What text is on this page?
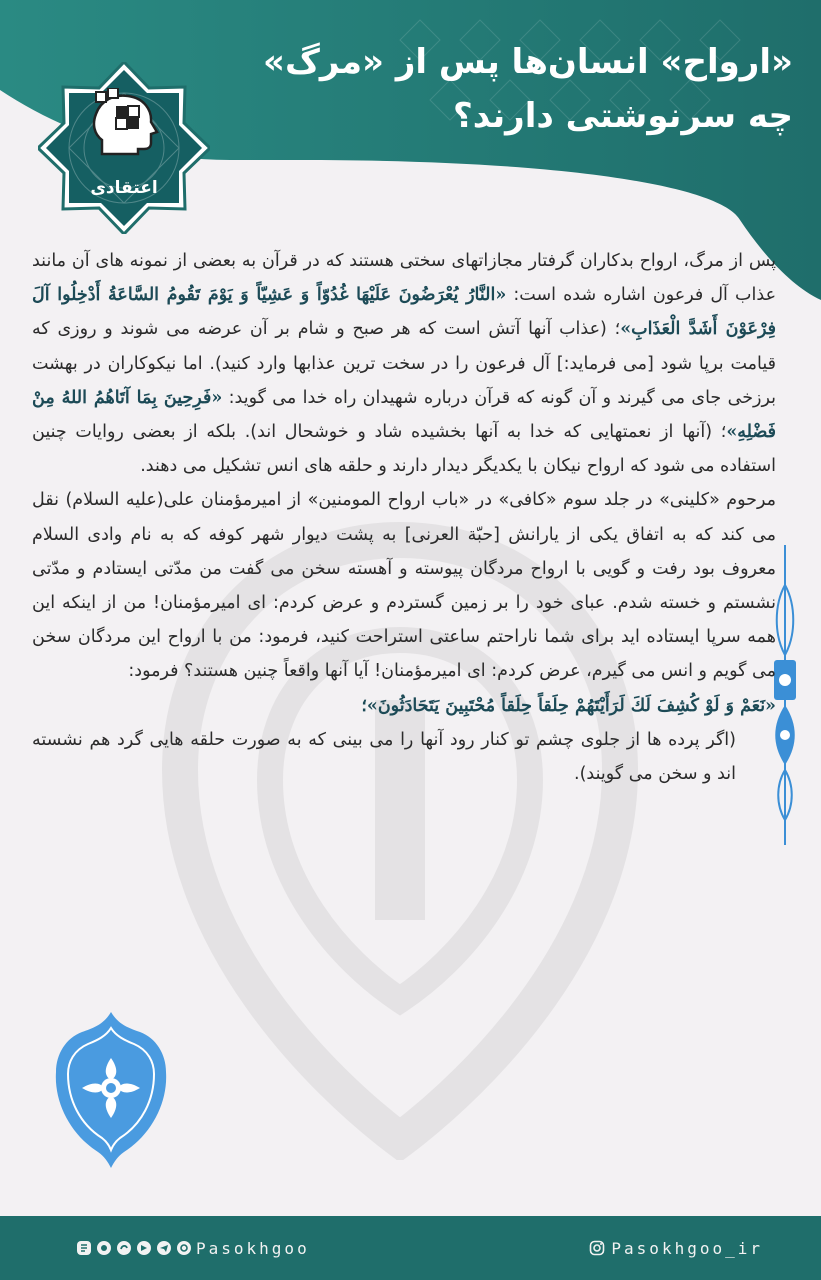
«ارواح» انسان‌ها پس از «مرگ»
چه سرنوشتی دارند؟
اعتقادی

پس از مرگ، ارواح بدکاران گرفتار مجازاتهای سختی هستند که در قرآن به بعضی از نمونه های آن مانند عذاب آل فرعون اشاره شده است: «النَّارُ يُعْرَضُونَ عَلَيْهَا غُدُوّاً وَ عَشِيّاً وَ يَوْمَ تَقُومُ السَّاعَةُ أَدْخِلُوا آلَ فِرْعَوْنَ أَشَدَّ الْعَذَابِ»؛ (عذاب آنها آتش است که هر صبح و شام بر آن عرضه می شوند و روزی که قیامت برپا شود [می فرماید:] آل فرعون را در سخت ترین عذابها وارد کنید). اما نیکوکاران در بهشت برزخی جای می گیرند و آن گونه که قرآن درباره شهیدان راه خدا می گوید: «فَرِحِينَ بِمَا آتَاهُمُ اللهُ مِنْ فَضْلِهِ»؛ (آنها از نعمتهایی که خدا به آنها بخشیده شاد و خوشحال اند). بلکه از بعضی روایات چنین استفاده می شود که ارواح نیکان با یکدیگر دیدار دارند و حلقه های انس تشکیل می دهند.

مرحوم «کلینی» در جلد سوم «کافی» در «باب ارواح المومنین» از امیرمؤمنان علی(علیه السلام) نقل می کند که به اتفاق یکی از یارانش [حبّة العرنی] به پشت دیوار شهر کوفه که به نام وادی السلام معروف بود رفت و گویی با ارواح مردگان پیوسته و آهسته سخن می گفت من مدّتی ایستادم و مدّتی نشستم و خسته شدم. عبای خود را بر زمین گستردم و عرض کردم: ای امیرمؤمنان! من از اینکه این همه سرپا ایستاده اید برای شما ناراحتم ساعتی استراحت کنید، فرمود: من با ارواح این مردگان سخن می گویم و انس می گیرم، عرض کردم: ای امیرمؤمنان! آیا آنها واقعاً چنین هستند؟ فرمود:

«نَعَمْ وَ لَوْ كُشِفَ لَكَ لَرَأَيْتَهُمْ حِلَقاً حِلَقاً مُحْتَبِينَ يَتَحَادَثُونَ»؛

(اگر پرده ها از جلوی چشم تو کنار رود آنها را می بینی که به صورت حلقه هایی گرد هم نشسته اند و سخن می گویند).

Pasokhgoo	Pasokhgoo_ir
